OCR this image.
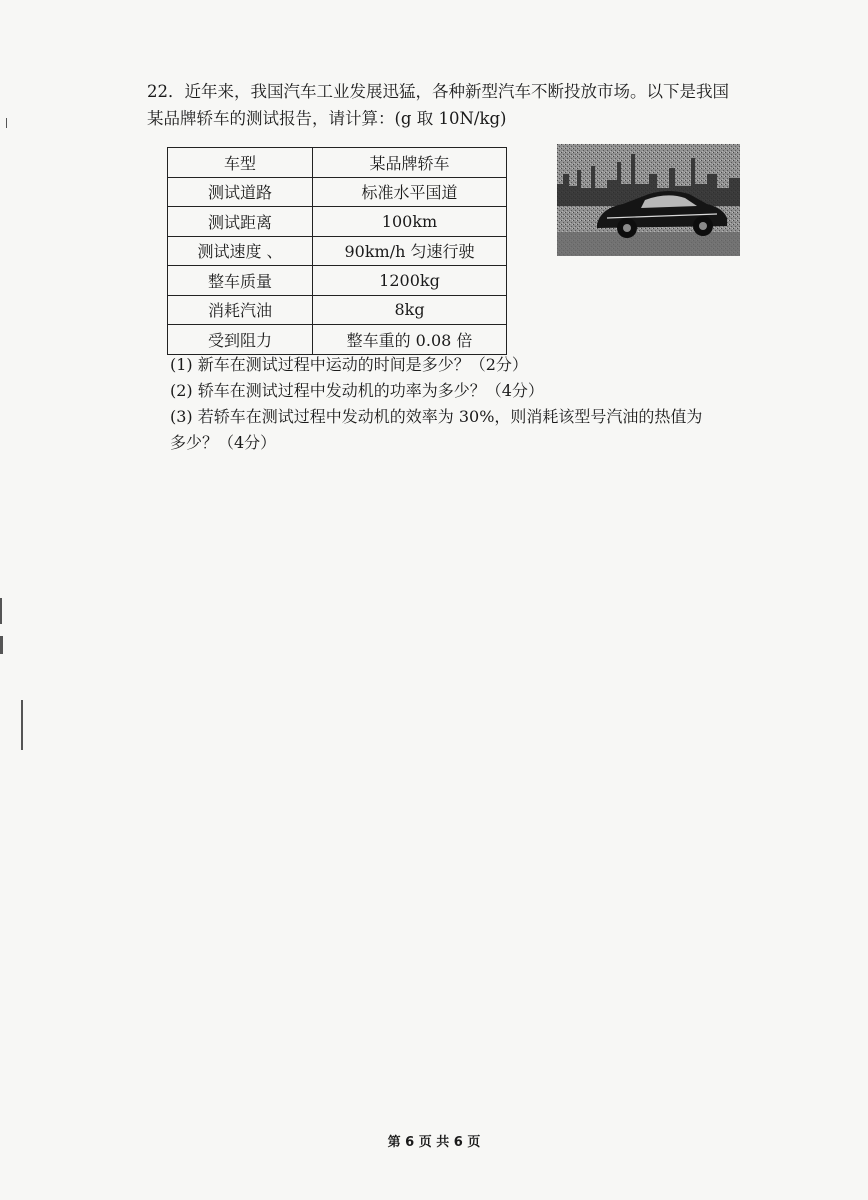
22．近年来，我国汽车工业发展迅猛，各种新型汽车不断投放市场。以下是我国
某品牌轿车的测试报告，请计算：(g 取 10N/kg)

车型	某品牌轿车
测试道路	标准水平国道
测试距离	100km
测试速度 、	90km/h 匀速行驶
整车质量	1200kg
消耗汽油	8kg
受到阻力	整车重的 0.08 倍

(1) 新车在测试过程中运动的时间是多少？（2分）

(2) 轿车在测试过程中发动机的功率为多少？（4分）

(3) 若轿车在测试过程中发动机的效率为 30%，则消耗该型号汽油的热值为

多少？（4分）

第 6 页 共 6 页
